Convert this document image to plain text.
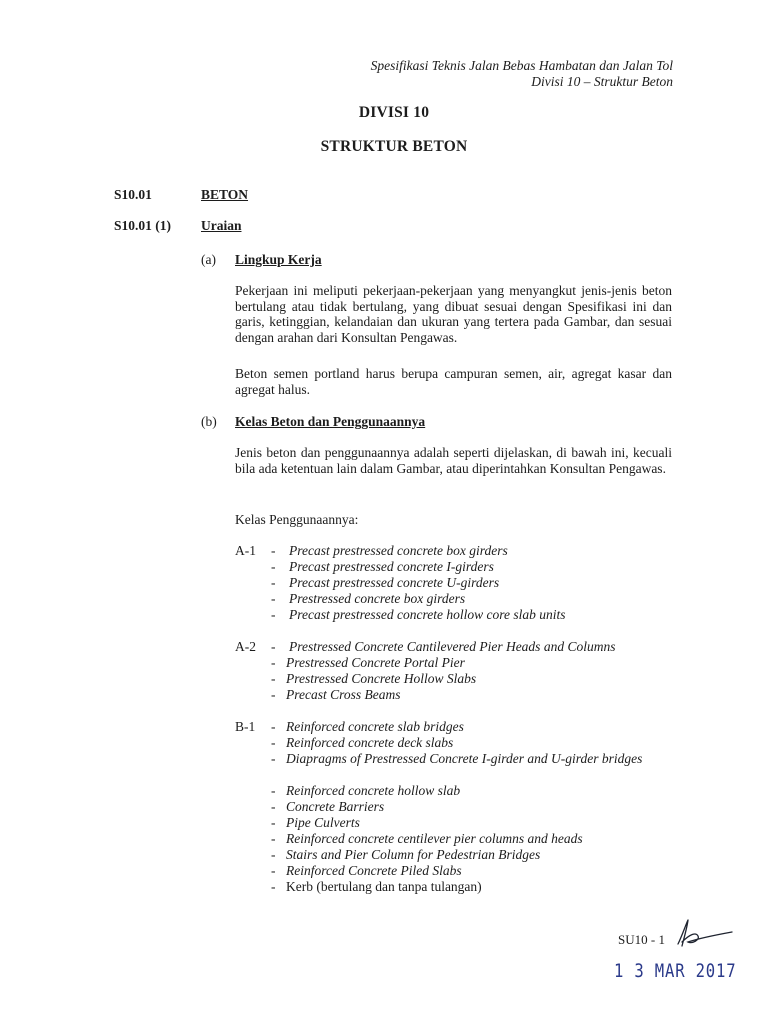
Spesifikasi Teknis Jalan Bebas Hambatan dan Jalan Tol
Divisi 10 – Struktur Beton
DIVISI 10
STRUKTUR BETON
S10.01	BETON
S10.01 (1) Uraian
(a) Lingkup Kerja
Pekerjaan ini meliputi pekerjaan-pekerjaan yang menyangkut jenis-jenis beton bertulang atau tidak bertulang, yang dibuat sesuai dengan Spesifikasi ini dan garis, ketinggian, kelandaian dan ukuran yang tertera pada Gambar, dan sesuai dengan arahan dari Konsultan Pengawas.
Beton semen portland harus berupa campuran semen, air, agregat kasar dan agregat halus.
(b) Kelas Beton dan Penggunaannya
Jenis beton dan penggunaannya adalah seperti dijelaskan, di bawah ini, kecuali bila ada ketentuan lain dalam Gambar, atau diperintahkan Konsultan Pengawas.
Kelas Penggunaannya:
A-1 - Precast prestressed concrete box girders
- Precast prestressed concrete I-girders
- Precast prestressed concrete U-girders
- Prestressed concrete box girders
- Precast prestressed concrete hollow core slab units
A-2 - Prestressed Concrete Cantilevered Pier Heads and Columns
- Prestressed Concrete Portal Pier
- Prestressed Concrete Hollow Slabs
- Precast Cross Beams
B-1 - Reinforced concrete slab bridges
- Reinforced concrete deck slabs
- Diapragms of Prestressed Concrete I-girder and U-girder bridges
- Reinforced concrete hollow slab
- Concrete Barriers
- Pipe Culverts
- Reinforced concrete centilever pier columns and heads
- Stairs and Pier Column for Pedestrian Bridges
- Reinforced Concrete Piled Slabs
- Kerb (bertulang dan tanpa tulangan)
SU10 - 1
1 3 MAR 2017
